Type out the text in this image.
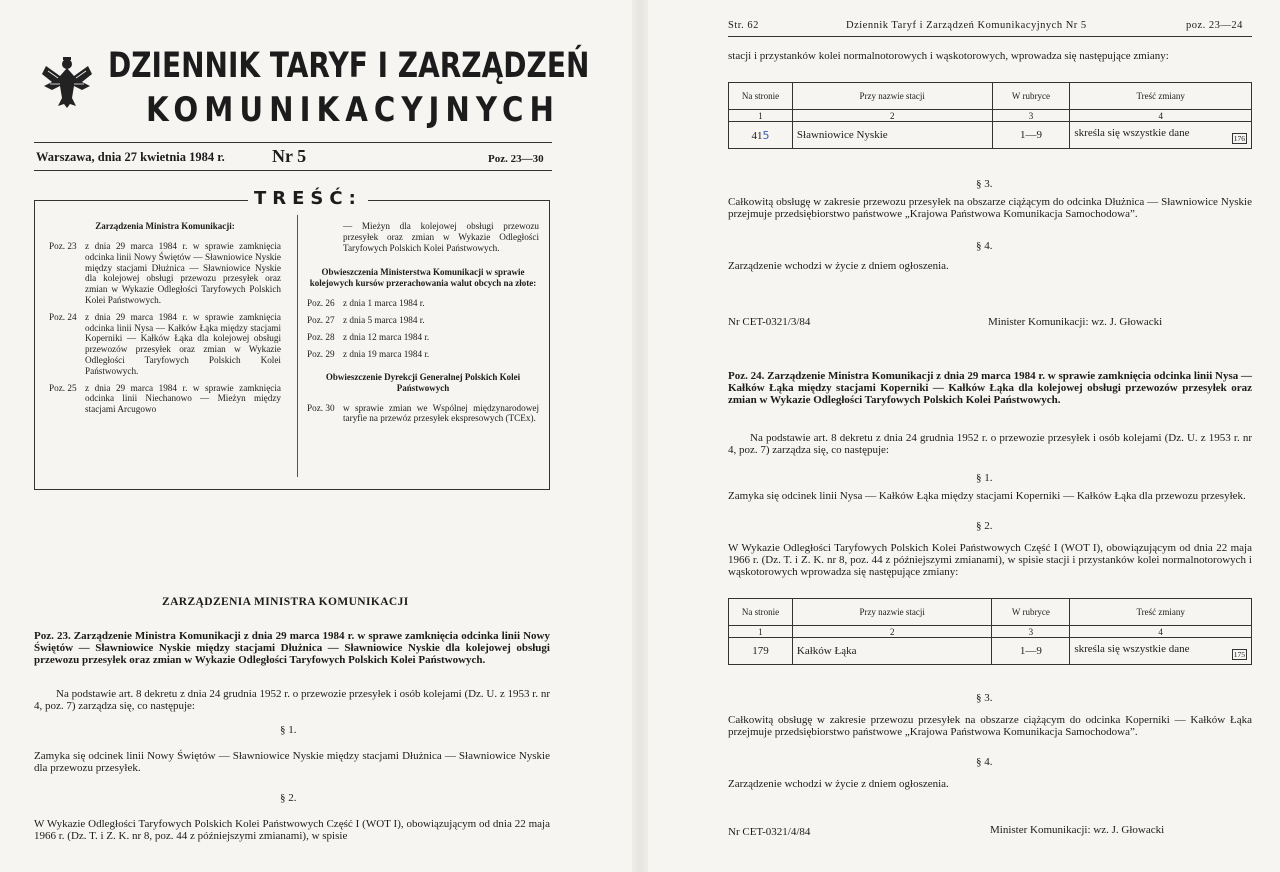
DZIENNIK TARYF I ZARZĄDZEŃ
KOMUNIKACYJNYCH
Warszawa, dnia 27 kwietnia 1984 r.	Nr 5	Poz. 23—30
Zarządzenia Ministra Komunikacji:
Poz. 23 z dnia 29 marca 1984 r. w sprawie zamknięcia odcinka linii Nowy Świętów — Sławniowice Nyskie między stacjami Dłużnica — Sławniowice Nyskie dla kolejowej obsługi przewozu przesyłek oraz zmian w Wykazie Odległości Taryfowych Polskich Kolei Państwowych.
Poz. 24 z dnia 29 marca 1984 r. w sprawie zamknięcia odcinka linii Nysa — Kałków Łąka między stacjami Koperniki — Kałków Łąka dla kolejowej obsługi przewozów przesyłek oraz zmian w Wykazie Odległości Taryfowych Polskich Kolei Państwowych.
Poz. 25 z dnia 29 marca 1984 r. w sprawie zamknięcia odcinka linii Niechanowo — Mieżyn między stacjami Arcugowo
— Mieżyn dla kolejowej obsługi przewozu przesyłek oraz zmian w Wykazie Odległości Taryfowych Polskich Kolei Państwowych.
Obwieszczenia Ministerstwa Komunikacji w sprawie kolejowych kursów przerachowania walut obcych na złote:
Poz. 26 z dnia 1 marca 1984 r.
Poz. 27 z dnia 5 marca 1984 r.
Poz. 28 z dnia 12 marca 1984 r.
Poz. 29 z dnia 19 marca 1984 r.
Obwieszczenie Dyrekcji Generalnej Polskich Kolei Państwowych
Poz. 30 w sprawie zmian we Wspólnej międzynarodowej taryfie na przewóz przesyłek ekspresowych (TCEx).
TREŚĆ:
ZARZĄDZENIA MINISTRA KOMUNIKACJI
Poz. 23. Zarządzenie Ministra Komunikacji z dnia 29 marca 1984 r. w sprawe zamknięcia odcinka linii Nowy Świętów — Sławniowice Nyskie między stacjami Dłużnica — Sławniowice Nyskie dla kolejowej obsługi przewozu przesyłek oraz zmian w Wykazie Odległości Taryfowych Polskich Kolei Państwowych.
Na podstawie art. 8 dekretu z dnia 24 grudnia 1952 r. o przewozie przesyłek i osób kolejami (Dz. U. z 1953 r. nr 4, poz. 7) zarządza się, co następuje:
§ 1.
Zamyka się odcinek linii Nowy Świętów — Sławniowice Nyskie między stacjami Dłużnica — Sławniowice Nyskie dla przewozu przesyłek.
§ 2.
W Wykazie Odległości Taryfowych Polskich Kolei Państwowych Część I (WOT I), obowiązującym od dnia 22 maja 1966 r. (Dz. T. i Z. K. nr 8, poz. 44 z późniejszymi zmianami), w spisie
Str. 62	Dziennik Taryf i Zarządzeń Komunikacyjnych Nr 5	poz. 23—24
stacji i przystanków kolei normalnotorowych i wąskotorowych, wprowadza się następujące zmiany:
Na stronie	Przy nazwie stacji	W rubryce	Treść zmiany
1	2	3	4
415	Sławniowice Nyskie	1—9	skreśla się wszystkie dane 176
§ 3.
Całkowitą obsługę w zakresie przewozu przesyłek na obszarze ciążącym do odcinka Dłużnica — Sławniowice Nyskie przejmuje przedsiębiorstwo państwowe „Krajowa Państwowa Komunikacja Samochodowa”.
§ 4.
Zarządzenie wchodzi w życie z dniem ogłoszenia.
Nr CET-0321/3/84	Minister Komunikacji: wz. J. Głowacki
Poz. 24. Zarządzenie Ministra Komunikacji z dnia 29 marca 1984 r. w sprawie zamknięcia odcinka linii Nysa — Kałków Łąka między stacjami Koperniki — Kałków Łąka dla kolejowej obsługi przewozów przesyłek oraz zmian w Wykazie Odległości Taryfowych Polskich Kolei Państwowych.
Na podstawie art. 8 dekretu z dnia 24 grudnia 1952 r. o przewozie przesyłek i osób kolejami (Dz. U. z 1953 r. nr 4, poz. 7) zarządza się, co następuje:
§ 1.
Zamyka się odcinek linii Nysa — Kałków Łąka między stacjami Koperniki — Kałków Łąka dla przewozu przesyłek.
§ 2.
W Wykazie Odległości Taryfowych Polskich Kolei Państwowych Część I (WOT I), obowiązującym od dnia 22 maja 1966 r. (Dz. T. i Z. K. nr 8, poz. 44 z późniejszymi zmianami), w spisie stacji i przystanków kolei normalnotorowych i wąskotorowych wprowadza się następujące zmiany:
Na stronie	Przy nazwie stacji	W rubryce	Treść zmiany
1	2	3	4
179	Kałków Łąka	1—9	skreśla się wszystkie dane 175
§ 3.
Całkowitą obsługę w zakresie przewozu przesyłek na obszarze ciążącym do odcinka Koperniki — Kałków Łąka przejmuje przedsiębiorstwo państwowe „Krajowa Państwowa Komunikacja Samochodowa”.
§ 4.
Zarządzenie wchodzi w życie z dniem ogłoszenia.
Nr CET-0321/4/84	Minister Komunikacji: wz. J. Głowacki
